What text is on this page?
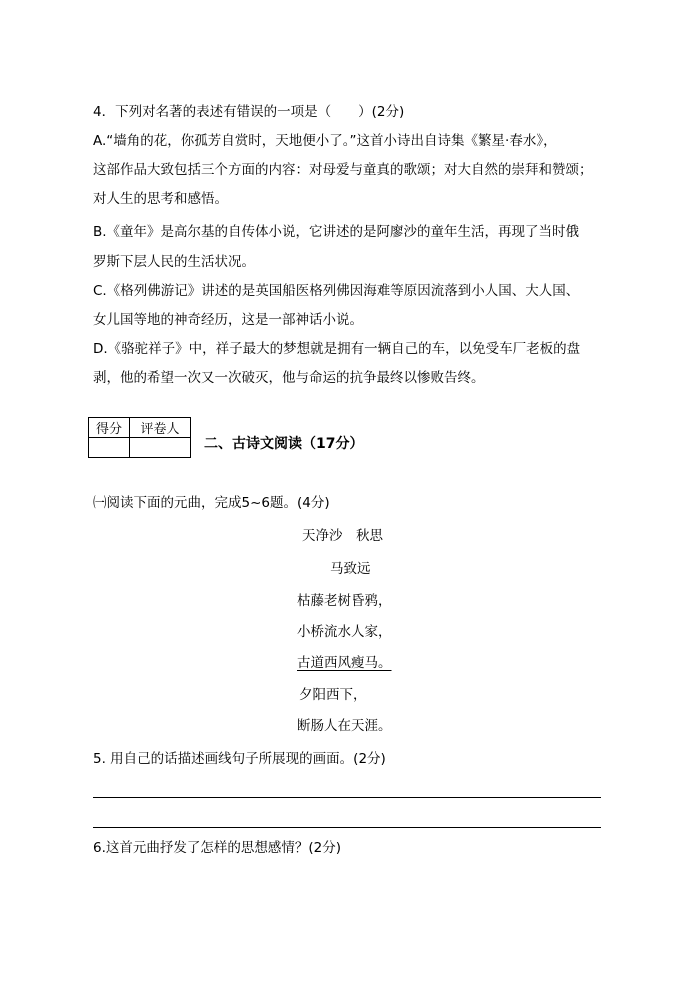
4．下列对名著的表述有错误的一项是（　　）(2分)
A.“墙角的花，你孤芳自赏时，天地便小了。”这首小诗出自诗集《繁星·春水》，
这部作品大致包括三个方面的内容：对母爱与童真的歌颂；对大自然的崇拜和赞颂；
对人生的思考和感悟。
B.《童年》是高尔基的自传体小说，它讲述的是阿廖沙的童年生活，再现了当时俄
罗斯下层人民的生活状况。
C.《格列佛游记》讲述的是英国船医格列佛因海难等原因流落到小人国、大人国、
女儿国等地的神奇经历，这是一部神话小说。
D.《骆驼祥子》中，祥子最大的梦想就是拥有一辆自己的车，以免受车厂老板的盘
剥，他的希望一次又一次破灭，他与命运的抗争最终以惨败告终。
得分	评卷人

二、古诗文阅读（17分）
㈠阅读下面的元曲，完成5~6题。(4分)
天净沙　秋思
马致远
枯藤老树昏鸦，
小桥流水人家，
古道西风瘦马。
夕阳西下，
断肠人在天涯。
5. 用自己的话描述画线句子所展现的画面。(2分)
6.这首元曲抒发了怎样的思想感情？(2分)
